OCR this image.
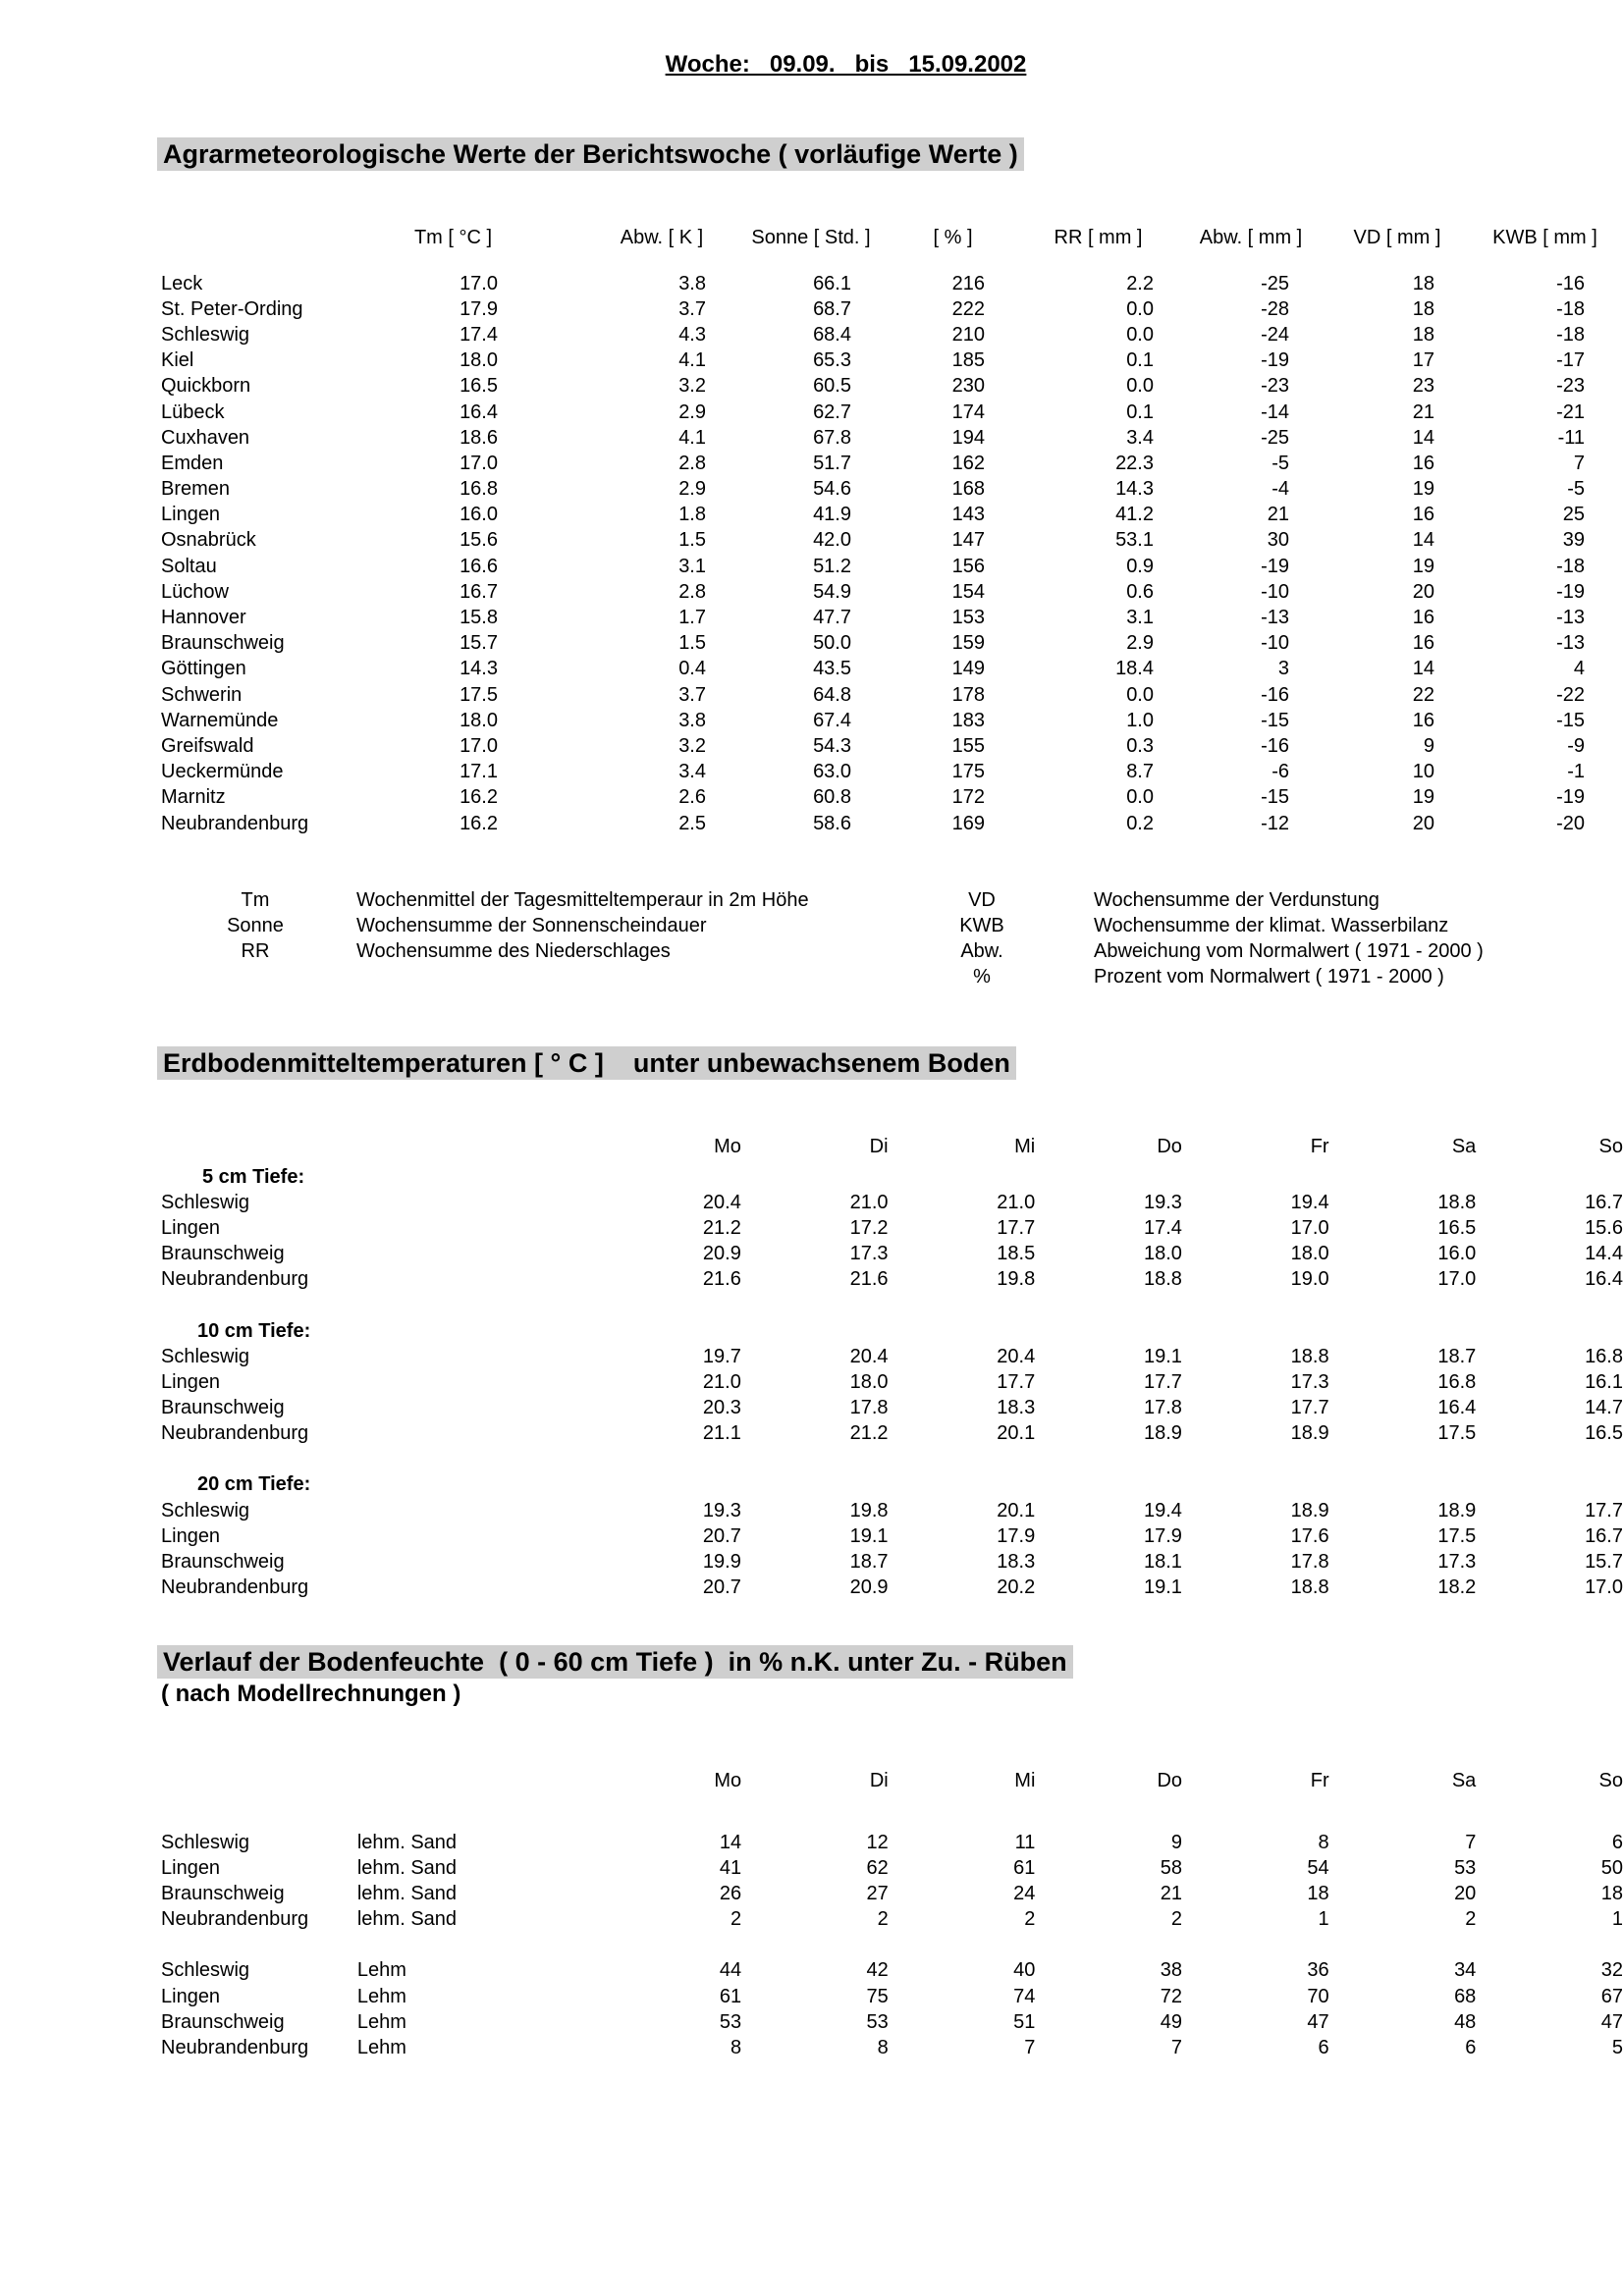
Woche:   09.09.   bis   15.09.2002
Agrarmeteorologische Werte der Berichtswoche ( vorläufige Werte )
	Tm [ °C ]	Abw. [ K ]	Sonne [ Std. ]	[ % ]	RR [ mm ]	Abw. [ mm ]	VD [ mm ]	KWB [ mm ]

Leck	17.0	3.8	66.1	216	2.2	-25	18	-16
St. Peter-Ording	17.9	3.7	68.7	222	0.0	-28	18	-18
Schleswig	17.4	4.3	68.4	210	0.0	-24	18	-18
Kiel	18.0	4.1	65.3	185	0.1	-19	17	-17
Quickborn	16.5	3.2	60.5	230	0.0	-23	23	-23
Lübeck	16.4	2.9	62.7	174	0.1	-14	21	-21
Cuxhaven	18.6	4.1	67.8	194	3.4	-25	14	-11
Emden	17.0	2.8	51.7	162	22.3	-5	16	7
Bremen	16.8	2.9	54.6	168	14.3	-4	19	-5
Lingen	16.0	1.8	41.9	143	41.2	21	16	25
Osnabrück	15.6	1.5	42.0	147	53.1	30	14	39
Soltau	16.6	3.1	51.2	156	0.9	-19	19	-18
Lüchow	16.7	2.8	54.9	154	0.6	-10	20	-19
Hannover	15.8	1.7	47.7	153	3.1	-13	16	-13
Braunschweig	15.7	1.5	50.0	159	2.9	-10	16	-13
Göttingen	14.3	0.4	43.5	149	18.4	3	14	4
Schwerin	17.5	3.7	64.8	178	0.0	-16	22	-22
Warnemünde	18.0	3.8	67.4	183	1.0	-15	16	-15
Greifswald	17.0	3.2	54.3	155	0.3	-16	9	-9
Ueckermünde	17.1	3.4	63.0	175	8.7	-6	10	-1
Marnitz	16.2	2.6	60.8	172	0.0	-15	19	-19
Neubrandenburg	16.2	2.5	58.6	169	0.2	-12	20	-20
Tm	Wochenmittel der Tagesmitteltemperaur in 2m Höhe	VD	Wochensumme der Verdunstung
Sonne	Wochensumme der Sonnenscheindauer	KWB	Wochensumme der klimat. Wasserbilanz
RR	Wochensumme des Niederschlages	Abw.	Abweichung vom Normalwert ( 1971 - 2000 )
%	Prozent vom Normalwert ( 1971 - 2000 )
Erdbodenmitteltemperaturen [ ° C ]    unter unbewachsenem Boden
	Mo	Di	Mi	Do	Fr	Sa	So
5 cm Tiefe:							
Schleswig	20.4	21.0	21.0	19.3	19.4	18.8	16.7
Lingen	21.2	17.2	17.7	17.4	17.0	16.5	15.6
Braunschweig	20.9	17.3	18.5	18.0	18.0	16.0	14.4
Neubrandenburg	21.6	21.6	19.8	18.8	19.0	17.0	16.4

10 cm Tiefe:							
Schleswig	19.7	20.4	20.4	19.1	18.8	18.7	16.8
Lingen	21.0	18.0	17.7	17.7	17.3	16.8	16.1
Braunschweig	20.3	17.8	18.3	17.8	17.7	16.4	14.7
Neubrandenburg	21.1	21.2	20.1	18.9	18.9	17.5	16.5

20 cm Tiefe:							
Schleswig	19.3	19.8	20.1	19.4	18.9	18.9	17.7
Lingen	20.7	19.1	17.9	17.9	17.6	17.5	16.7
Braunschweig	19.9	18.7	18.3	18.1	17.8	17.3	15.7
Neubrandenburg	20.7	20.9	20.2	19.1	18.8	18.2	17.0
Verlauf der Bodenfeuchte  ( 0 - 60 cm Tiefe )  in % n.K. unter Zu. - Rüben
( nach Modellrechnungen )
		Mo	Di	Mi	Do	Fr	Sa	So

Schleswig	lehm. Sand	14	12	11	9	8	7	6
Lingen	lehm. Sand	41	62	61	58	54	53	50
Braunschweig	lehm. Sand	26	27	24	21	18	20	18
Neubrandenburg	lehm. Sand	2	2	2	2	1	2	1

Schleswig	Lehm	44	42	40	38	36	34	32
Lingen	Lehm	61	75	74	72	70	68	67
Braunschweig	Lehm	53	53	51	49	47	48	47
Neubrandenburg	Lehm	8	8	7	7	6	6	5
